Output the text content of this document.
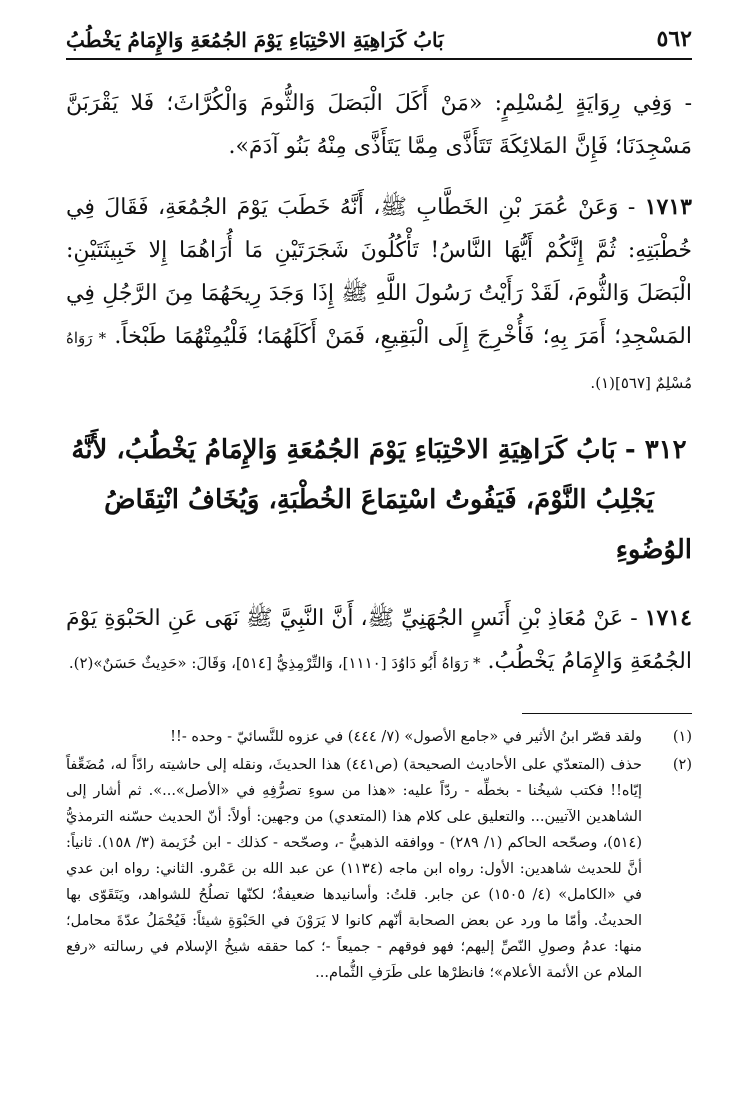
٥٦٢
بَابُ كَرَاهِيَةِ الاحْتِبَاءِ يَوْمَ الجُمُعَةِ وَالإِمَامُ يَخْطُبُ

- وَفِي رِوَايَةٍ لِمُسْلِمٍ: «مَنْ أَكَلَ الْبَصَلَ وَالثُّومَ وَالْكُرَّاثَ؛ فَلا يَقْرَبَنَّ مَسْجِدَنَا؛ فَإِنَّ المَلائِكَةَ تَتَأَذَّى مِمَّا يَتَأَذَّى مِنْهُ بَنُو آدَمَ».

١٧١٣ - وَعَنْ عُمَرَ بْنِ الخَطَّابِ ﷺ، أَنَّهُ خَطَبَ يَوْمَ الجُمُعَةِ، فَقَالَ فِي خُطْبَتِهِ: ثُمَّ إِنَّكُمْ أَيُّهَا النَّاسُ! تَأْكُلُونَ شَجَرَتَيْنِ مَا أُرَاهُمَا إِلا خَبِيثَتَيْنِ: الْبَصَلَ وَالثُّومَ، لَقَدْ رَأَيْتُ رَسُولَ اللَّهِ ﷺ إِذَا وَجَدَ رِيحَهُمَا مِنَ الرَّجُلِ فِي المَسْجِدِ؛ أَمَرَ بِهِ؛ فَأُخْرِجَ إِلَى الْبَقِيعِ، فَمَنْ أَكَلَهُمَا؛ فَلْيُمِتْهُمَا طَبْخاً. * رَوَاهُ مُسْلِمٌ [٥٦٧](١).

٣١٢ - بَابُ كَرَاهِيَةِ الاحْتِبَاءِ يَوْمَ الجُمُعَةِ وَالإِمَامُ يَخْطُبُ، لأَنَّهُ يَجْلِبُ النَّوْمَ، فَيَفُوتُ اسْتِمَاعَ الخُطْبَةِ، وَيُخَافُ انْتِقَاضُ الوُضُوءِ

١٧١٤ - عَنْ مُعَاذِ بْنِ أَنَسٍ الجُهَنِيِّ ﷺ، أَنَّ النَّبِيَّ ﷺ نَهَى عَنِ الحَبْوَةِ يَوْمَ الجُمُعَةِ وَالإِمَامُ يَخْطُبُ. * رَوَاهُ أَبُو دَاوُدَ [١١١٠]، وَالتِّرْمِذِيُّ [٥١٤]، وَقَالَ: «حَدِيثٌ حَسَنٌ»(٢).

(١)
ولقد قصّر ابنُ الأثير في «جامع الأصول» (٧/ ٤٤٤) في عزوه للنَّسائيّ - وحده -!!
(٢)
حذف (المتعدّي على الأحاديث الصحيحة) (ص٤٤١) هذا الحديثَ، ونقله إلى حاشيته رادّاً له، مُضَعِّفاً إيّاه!! فكتب شيخُنا - بخطِّه - ردّاً عليه: «هذا من سوءِ تصرُّفِهِ في «الأصل»...». ثم أشار إلى الشاهدين الآتيين... والتعليق على كلام هذا (المتعدي) من وجهين: أولاً: أنّ الحديث حسّنه الترمذيُّ (٥١٤)، وصحّحه الحاكم (١/ ٢٨٩) - ووافقه الذهبيُّ -، وصحّحه - كذلك - ابن خُزَيمة (٣/ ١٥٨). ثانياً: أنَّ للحديث شاهدين: الأول: رواه ابن ماجه (١١٣٤) عن عبد الله بن عَمْرو. الثاني: رواه ابن عدي في «الكامل» (٤/ ١٥٠٥) عن جابر. قلتُ: وأسانيدها ضعيفةٌ؛ لكنّها تصلُحُ للشواهد، ويَتَقَوّى بها الحديثُ. وأمّا ما ورد عن بعض الصحابة أنّهم كانوا لا يَرَوْنَ في الحَبْوَةِ شيئاً: فَيُحْمَلُ عدّةَ محامل؛ منها: عدمُ وصولِ النّصِّ إليهم؛ فهو فوقهم - جميعاً -؛ كما حققه شيخُ الإسلام في رسالته «رفع الملام عن الأئمة الأعلام»؛ فانظرْها على طَرَفِ الثُّمام...
